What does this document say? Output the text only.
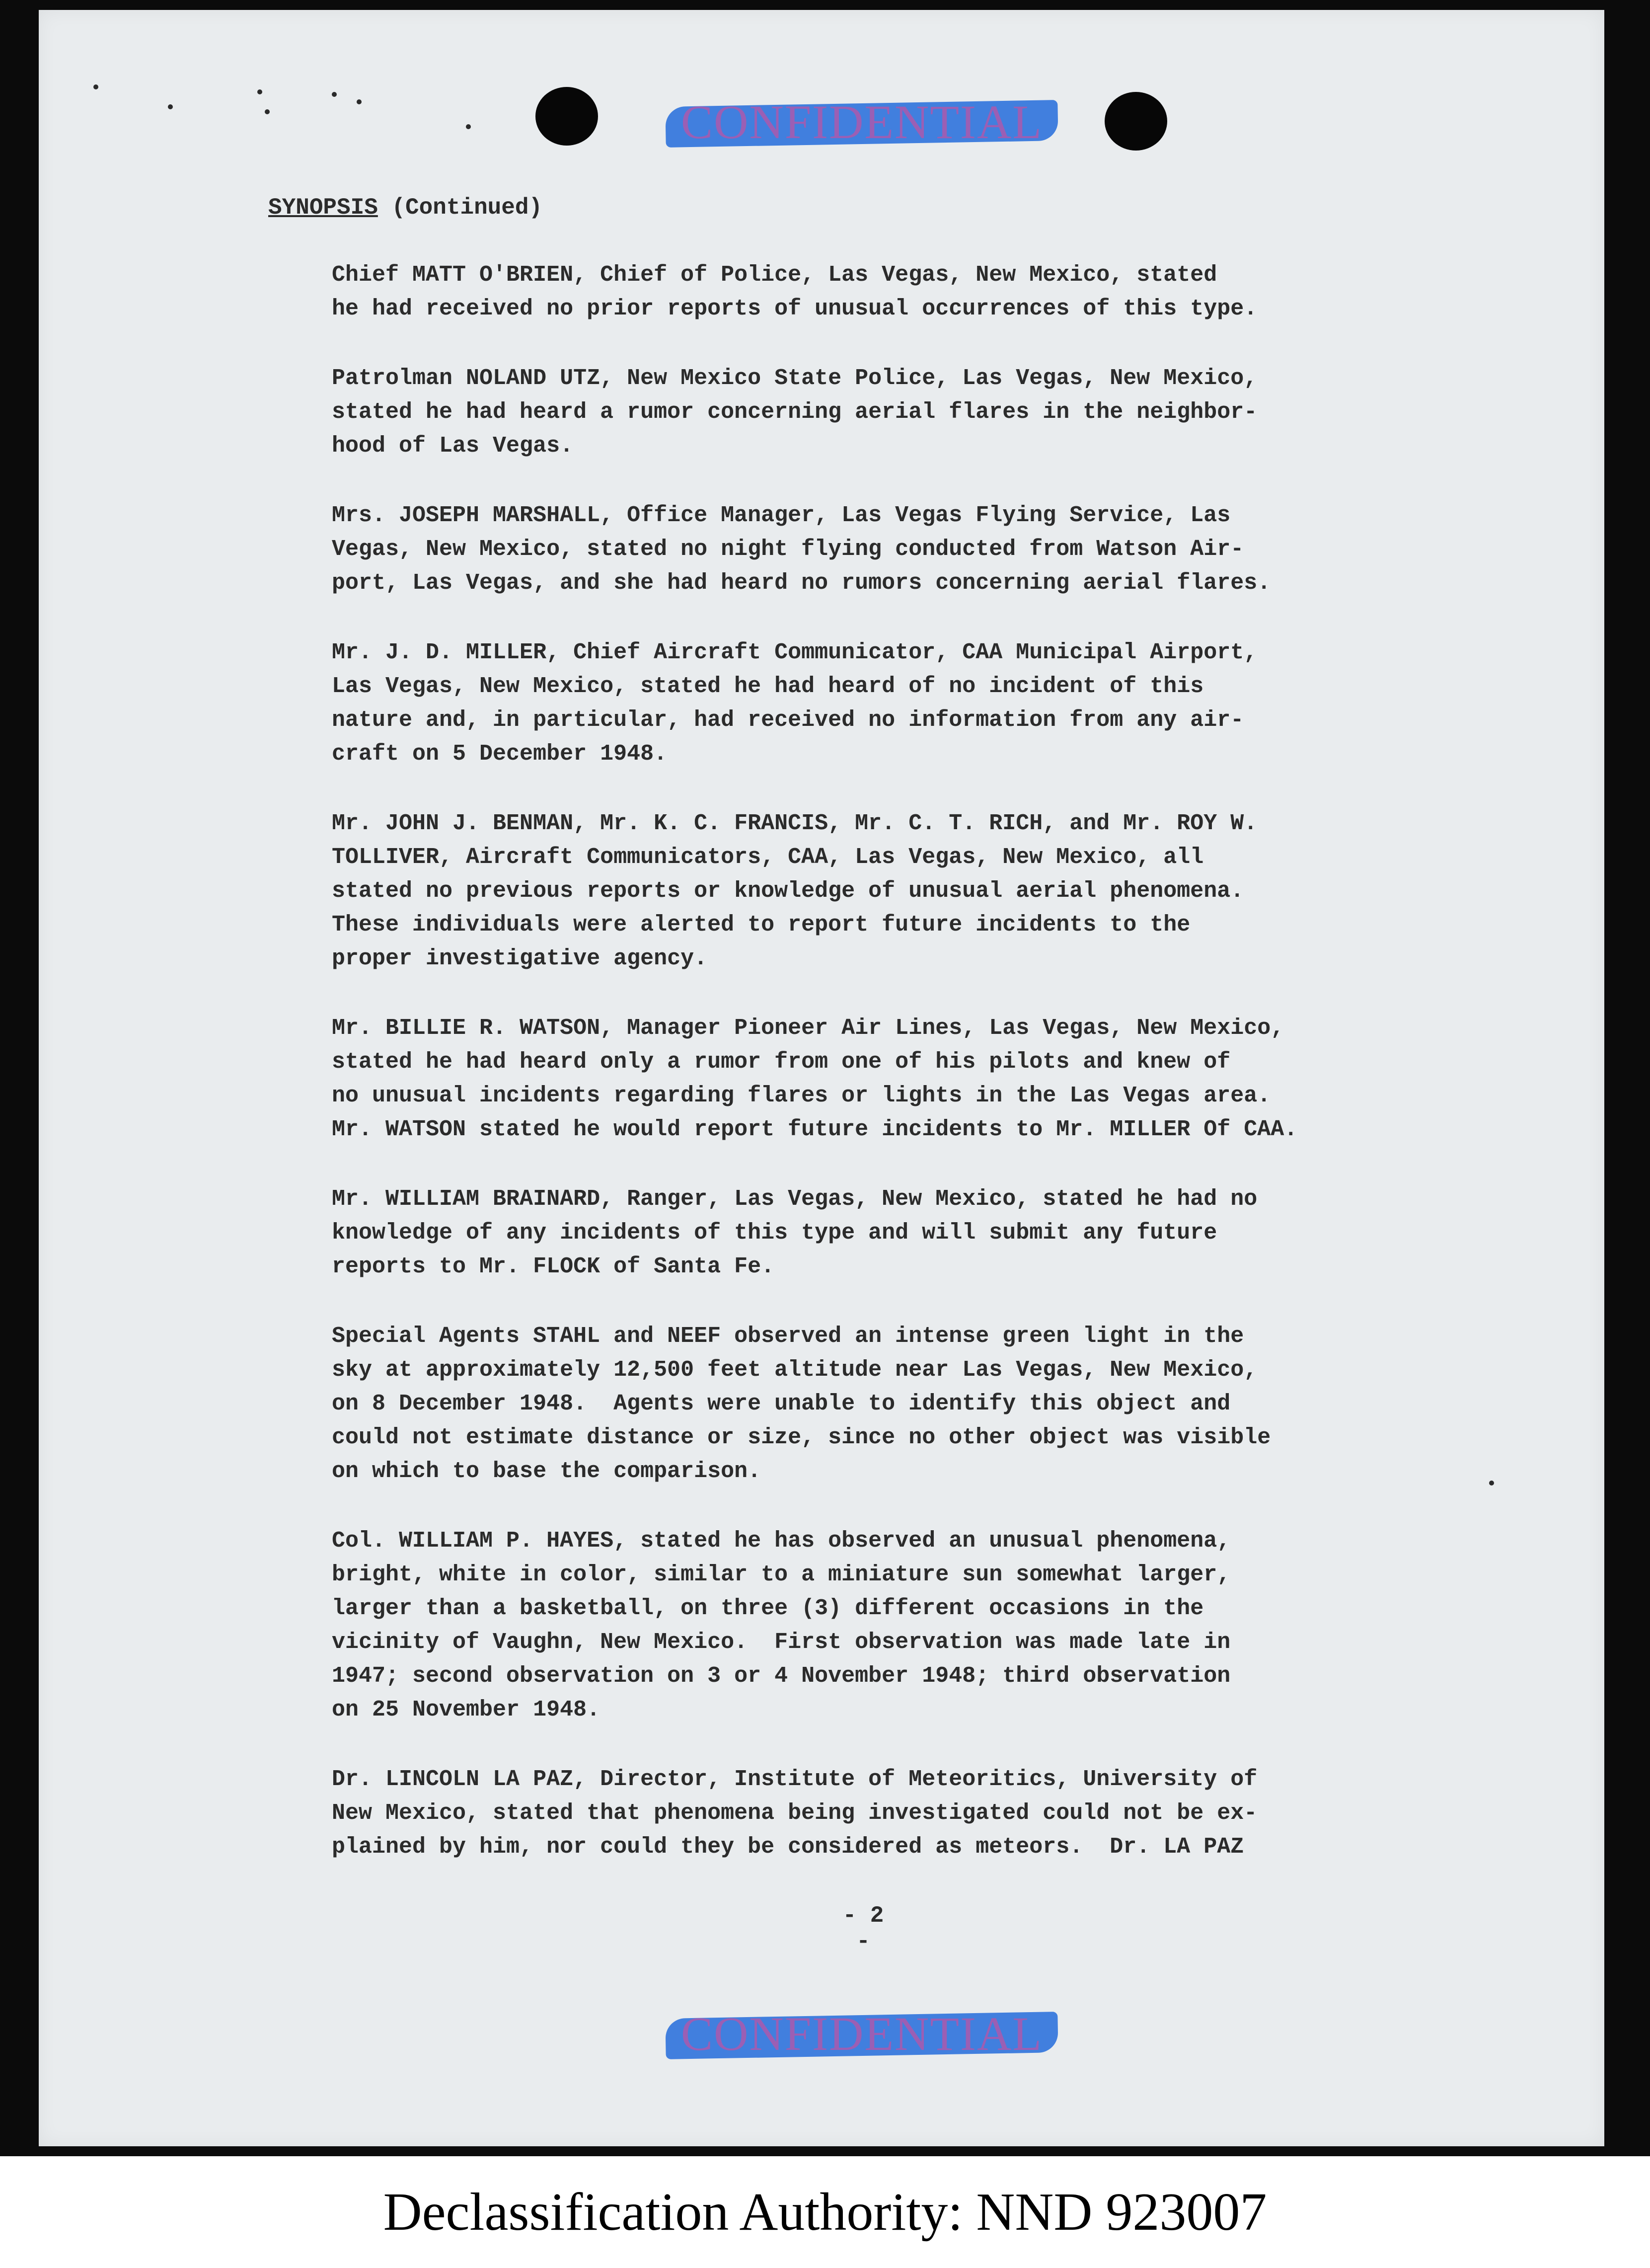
CONFIDENTIAL
SYNOPSIS (Continued)
Chief MATT O'BRIEN, Chief of Police, Las Vegas, New Mexico, stated
he had received no prior reports of unusual occurrences of this type.
Patrolman NOLAND UTZ, New Mexico State Police, Las Vegas, New Mexico,
stated he had heard a rumor concerning aerial flares in the neighbor-
hood of Las Vegas.
Mrs. JOSEPH MARSHALL, Office Manager, Las Vegas Flying Service, Las
Vegas, New Mexico, stated no night flying conducted from Watson Air-
port, Las Vegas, and she had heard no rumors concerning aerial flares.
Mr. J. D. MILLER, Chief Aircraft Communicator, CAA Municipal Airport,
Las Vegas, New Mexico, stated he had heard of no incident of this
nature and, in particular, had received no information from any air-
craft on 5 December 1948.
Mr. JOHN J. BENMAN, Mr. K. C. FRANCIS, Mr. C. T. RICH, and Mr. ROY W.
TOLLIVER, Aircraft Communicators, CAA, Las Vegas, New Mexico, all
stated no previous reports or knowledge of unusual aerial phenomena.
These individuals were alerted to report future incidents to the
proper investigative agency.
Mr. BILLIE R. WATSON, Manager Pioneer Air Lines, Las Vegas, New Mexico,
stated he had heard only a rumor from one of his pilots and knew of
no unusual incidents regarding flares or lights in the Las Vegas area.
Mr. WATSON stated he would report future incidents to Mr. MILLER Of CAA.
Mr. WILLIAM BRAINARD, Ranger, Las Vegas, New Mexico, stated he had no
knowledge of any incidents of this type and will submit any future
reports to Mr. FLOCK of Santa Fe.
Special Agents STAHL and NEEF observed an intense green light in the
sky at approximately 12,500 feet altitude near Las Vegas, New Mexico,
on 8 December 1948.  Agents were unable to identify this object and
could not estimate distance or size, since no other object was visible
on which to base the comparison.
Col. WILLIAM P. HAYES, stated he has observed an unusual phenomena,
bright, white in color, similar to a miniature sun somewhat larger,
larger than a basketball, on three (3) different occasions in the
vicinity of Vaughn, New Mexico.  First observation was made late in
1947; second observation on 3 or 4 November 1948; third observation
on 25 November 1948.
Dr. LINCOLN LA PAZ, Director, Institute of Meteoritics, University of
New Mexico, stated that phenomena being investigated could not be ex-
plained by him, nor could they be considered as meteors.  Dr. LA PAZ
- 2 -
CONFIDENTIAL
Declassification Authority: NND 923007
